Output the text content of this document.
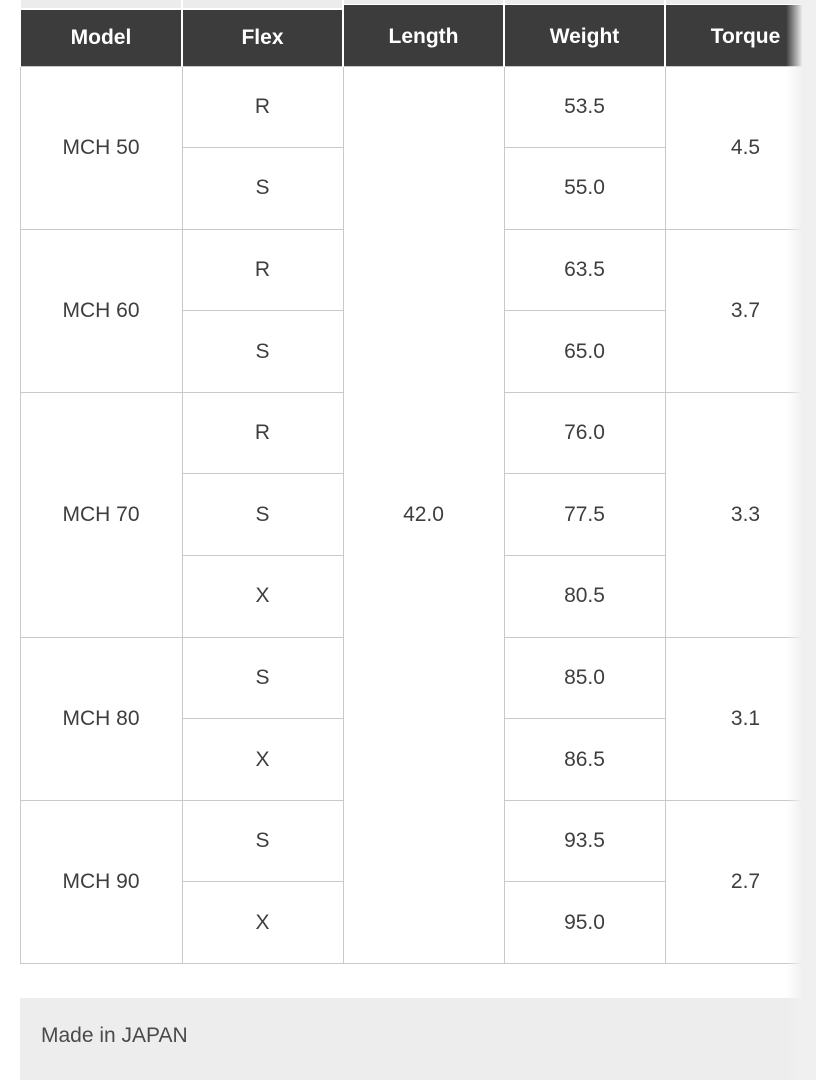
Model	Flex	Length	Weight	Torque
MCH 50	R	42.0	53.5	4.5
	S		55.0	
MCH 60	R		63.5	3.7
	S		65.0	
MCH 70	R		76.0	3.3
	S		77.5	
	X		80.5	
MCH 80	S		85.0	3.1
	X		86.5	
MCH 90	S		93.5	2.7
	X		95.0	
Made in JAPAN
